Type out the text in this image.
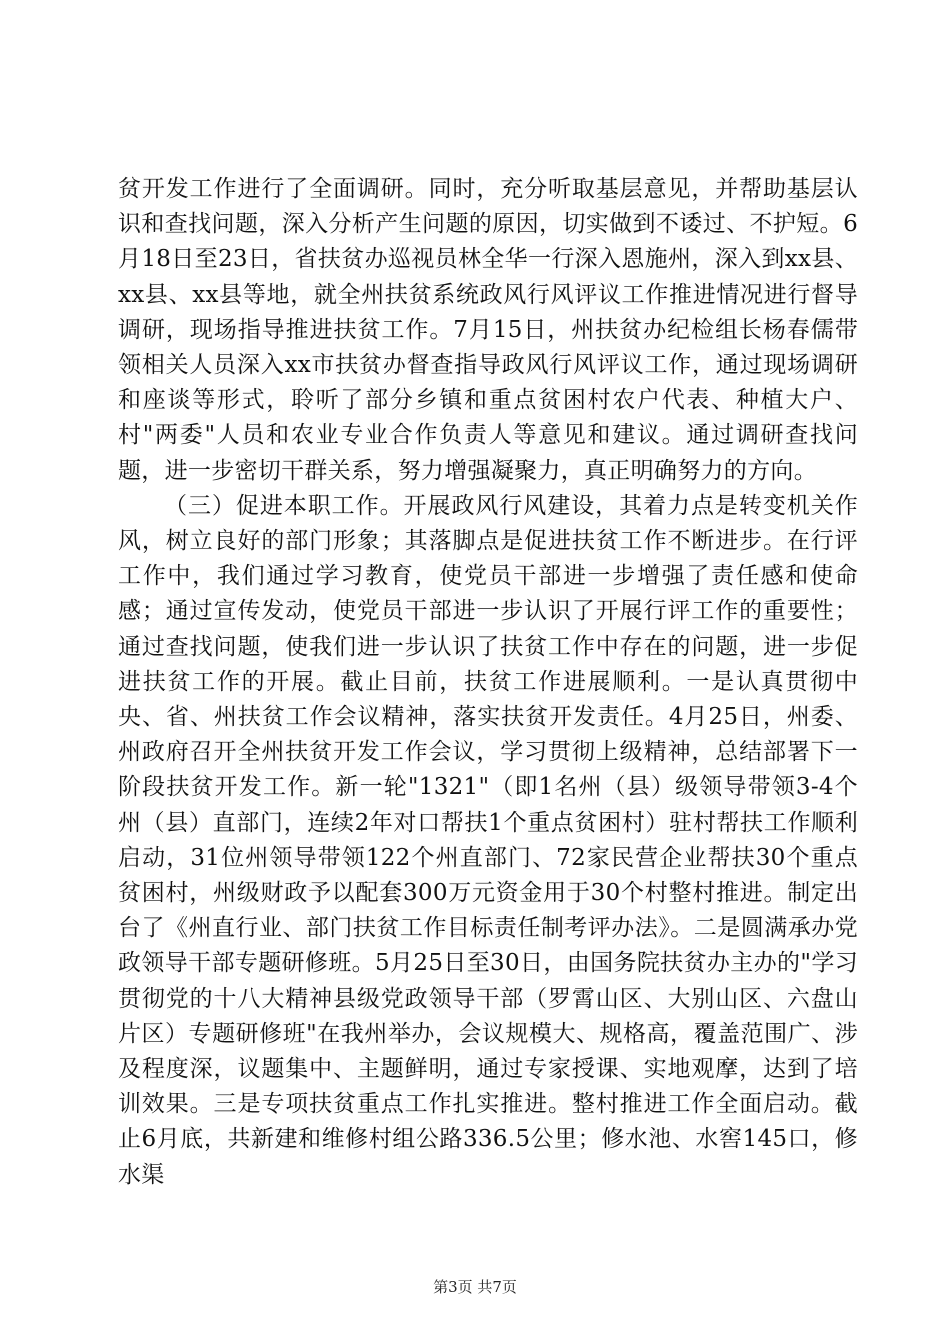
贫开发工作进行了全面调研。同时，充分听取基层意见，并帮助基层认识和查找问题，深入分析产生问题的原因，切实做到不诿过、不护短。6月18日至23日，省扶贫办巡视员林全华一行深入恩施州，深入到xx县、xx县、xx县等地，就全州扶贫系统政风行风评议工作推进情况进行督导调研，现场指导推进扶贫工作。7月15日，州扶贫办纪检组长杨春儒带领相关人员深入xx市扶贫办督查指导政风行风评议工作，通过现场调研和座谈等形式，聆听了部分乡镇和重点贫困村农户代表、种植大户、村"两委"人员和农业专业合作负责人等意见和建议。通过调研查找问题，进一步密切干群关系，努力增强凝聚力，真正明确努力的方向。

（三）促进本职工作。开展政风行风建设，其着力点是转变机关作风，树立良好的部门形象；其落脚点是促进扶贫工作不断进步。在行评工作中，我们通过学习教育，使党员干部进一步增强了责任感和使命感；通过宣传发动，使党员干部进一步认识了开展行评工作的重要性；通过查找问题，使我们进一步认识了扶贫工作中存在的问题，进一步促进扶贫工作的开展。截止目前，扶贫工作进展顺利。一是认真贯彻中央、省、州扶贫工作会议精神，落实扶贫开发责任。4月25日，州委、州政府召开全州扶贫开发工作会议，学习贯彻上级精神，总结部署下一阶段扶贫开发工作。新一轮"1321"（即1名州（县）级领导带领3-4个州（县）直部门，连续2年对口帮扶1个重点贫困村）驻村帮扶工作顺利启动，31位州领导带领122个州直部门、72家民营企业帮扶30个重点贫困村，州级财政予以配套300万元资金用于30个村整村推进。制定出台了《州直行业、部门扶贫工作目标责任制考评办法》。二是圆满承办党政领导干部专题研修班。5月25日至30日，由国务院扶贫办主办的"学习贯彻党的十八大精神县级党政领导干部（罗霄山区、大别山区、六盘山片区）专题研修班"在我州举办，会议规模大、规格高，覆盖范围广、涉及程度深，议题集中、主题鲜明，通过专家授课、实地观摩，达到了培训效果。三是专项扶贫重点工作扎实推进。整村推进工作全面启动。截止6月底，共新建和维修村组公路336.5公里；修水池、水窖145口，修水渠

第3页 共7页
